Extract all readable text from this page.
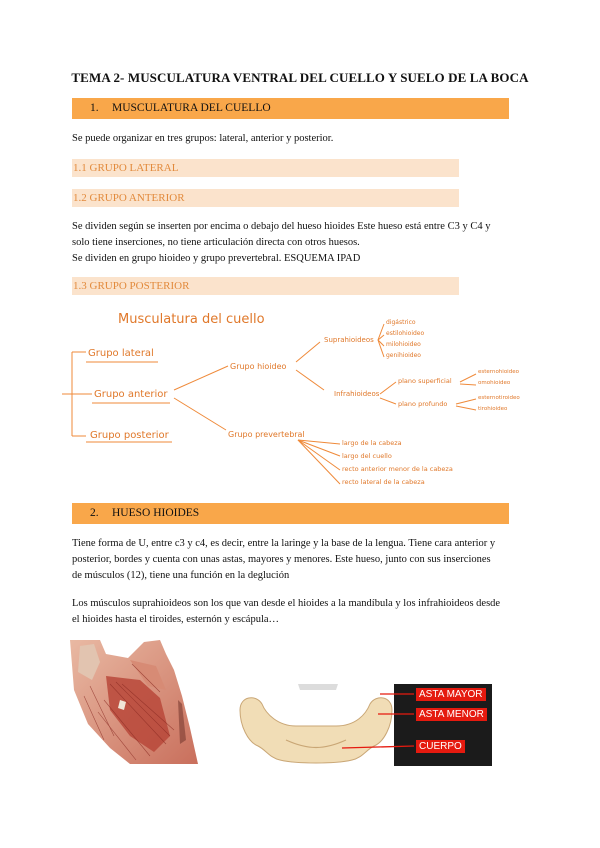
TEMA 2- MUSCULATURA VENTRAL DEL CUELLO Y SUELO DE LA BOCA
1. MUSCULATURA DEL CUELLO
Se puede organizar en tres grupos: lateral, anterior y posterior.
1.1 GRUPO LATERAL
1.2 GRUPO ANTERIOR
Se dividen según se inserten por encima o debajo del hueso hioides Este hueso está entre C3 y C4 y
solo tiene inserciones, no tiene articulación directa con otros huesos.
Se dividen en grupo hioideo y grupo prevertebral. ESQUEMA IPAD
1.3 GRUPO POSTERIOR
Musculatura del cuello
Grupo lateral
Grupo anterior
Grupo posterior
Grupo hioideo
Grupo prevertebral
Suprahioideos
Infrahioideos
digástrico
estilohioideo
milohioideo
genihioideo
plano superficial
plano profundo
esternohioideo
omohioideo
esternotiroideo
tirohioideo
largo de la cabeza
largo del cuello
recto anterior menor de la cabeza
recto lateral de la cabeza
2. HUESO HIOIDES
Tiene forma de U, entre c3 y c4, es decir, entre la laringe y la base de la lengua. Tiene cara anterior y
posterior, bordes y cuenta con unas astas, mayores y menores. Este hueso, junto con sus inserciones
de músculos (12), tiene una función en la deglución
Los músculos suprahioideos son los que van desde el hioides a la mandíbula y los infrahioideos desde
el hioides hasta el tiroides, esternón y escápula…
ASTA MAYOR
ASTA MENOR
CUERPO
